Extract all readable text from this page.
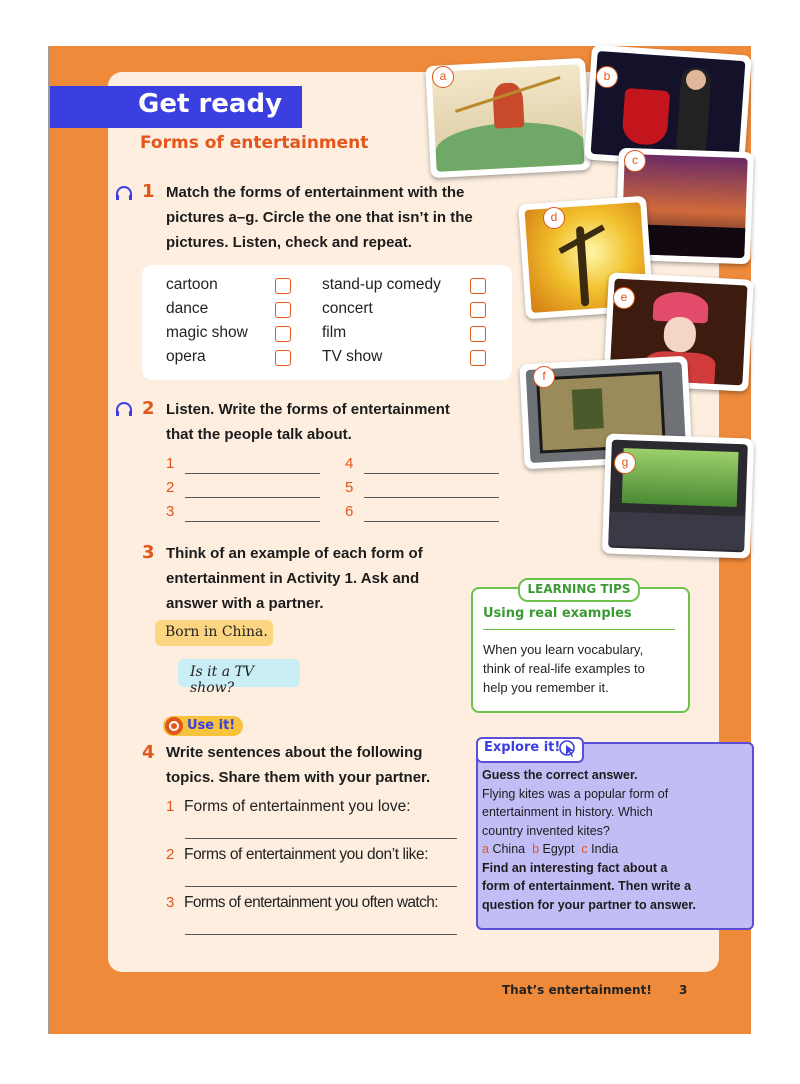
Get ready
Forms of entertainment
1 Match the forms of entertainment with the
pictures a–g. Circle the one that isn’t in the
pictures. Listen, check and repeat.
cartoon
dance
magic show
opera
stand-up comedy
concert
film
TV show
2 Listen. Write the forms of entertainment
that the people talk about.
1
2
3
4
5
6
3 Think of an example of each form of
entertainment in Activity 1. Ask and
answer with a partner.
Born in China.
Is it a TV show?
LEARNING TIPS
Using real examples
When you learn vocabulary,
think of real-life examples to
help you remember it.
Use it!
4 Write sentences about the following
topics. Share them with your partner.
1 Forms of entertainment you love:
2 Forms of entertainment you don’t like:
3 Forms of entertainment you often watch:
Explore it!
Guess the correct answer.
Flying kites was a popular form of
entertainment in history. Which
country invented kites?
a China b Egypt c India
Find an interesting fact about a
form of entertainment. Then write a
question for your partner to answer.
a	b
c
d
e
f
g
That’s entertainment! 3
